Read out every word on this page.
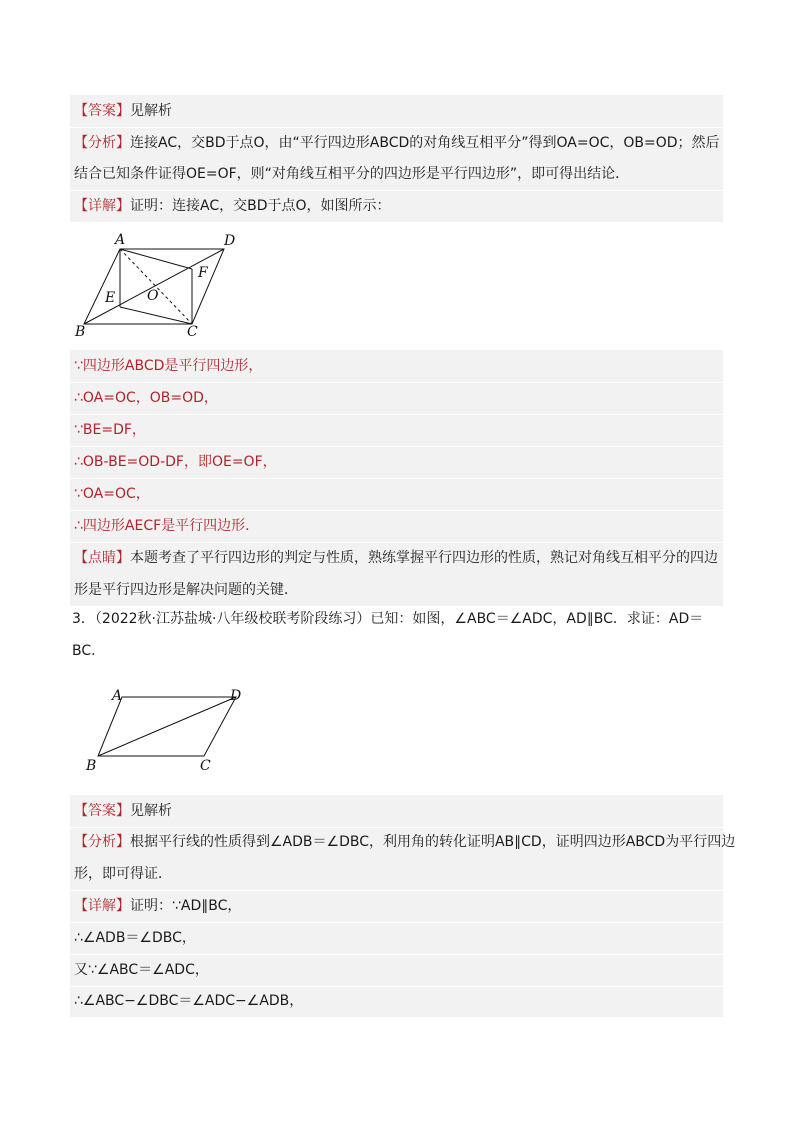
【答案】见解析
【分析】连接AC，交BD于点O，由“平行四边形ABCD的对角线互相平分”得到OA=OC，OB=OD；然后
结合已知条件证得OE=OF，则“对角线互相平分的四边形是平行四边形”，即可得出结论．
【详解】证明：连接AC，交BD于点O，如图所示：
A	D
B	C
E
F
O
∵四边形ABCD是平行四边形，
∴OA=OC，OB=OD，
∵BE=DF，
∴OB-BE=OD-DF，即OE=OF，
∵OA=OC，
∴四边形AECF是平行四边形．
【点睛】本题考查了平行四边形的判定与性质，熟练掌握平行四边形的性质，熟记对角线互相平分的四边
形是平行四边形是解决问题的关键．
3．（2022秋·江苏盐城·八年级校联考阶段练习）已知：如图，∠ABC＝∠ADC，AD∥BC．求证：AD＝
BC．
A	D
B	C
【答案】见解析
【分析】根据平行线的性质得到∠ADB＝∠DBC，利用角的转化证明AB∥CD，证明四边形ABCD为平行四边
形，即可得证．
【详解】证明：∵AD∥BC，
∴∠ADB＝∠DBC，
又∵∠ABC＝∠ADC，
∴∠ABC−∠DBC＝∠ADC−∠ADB，
